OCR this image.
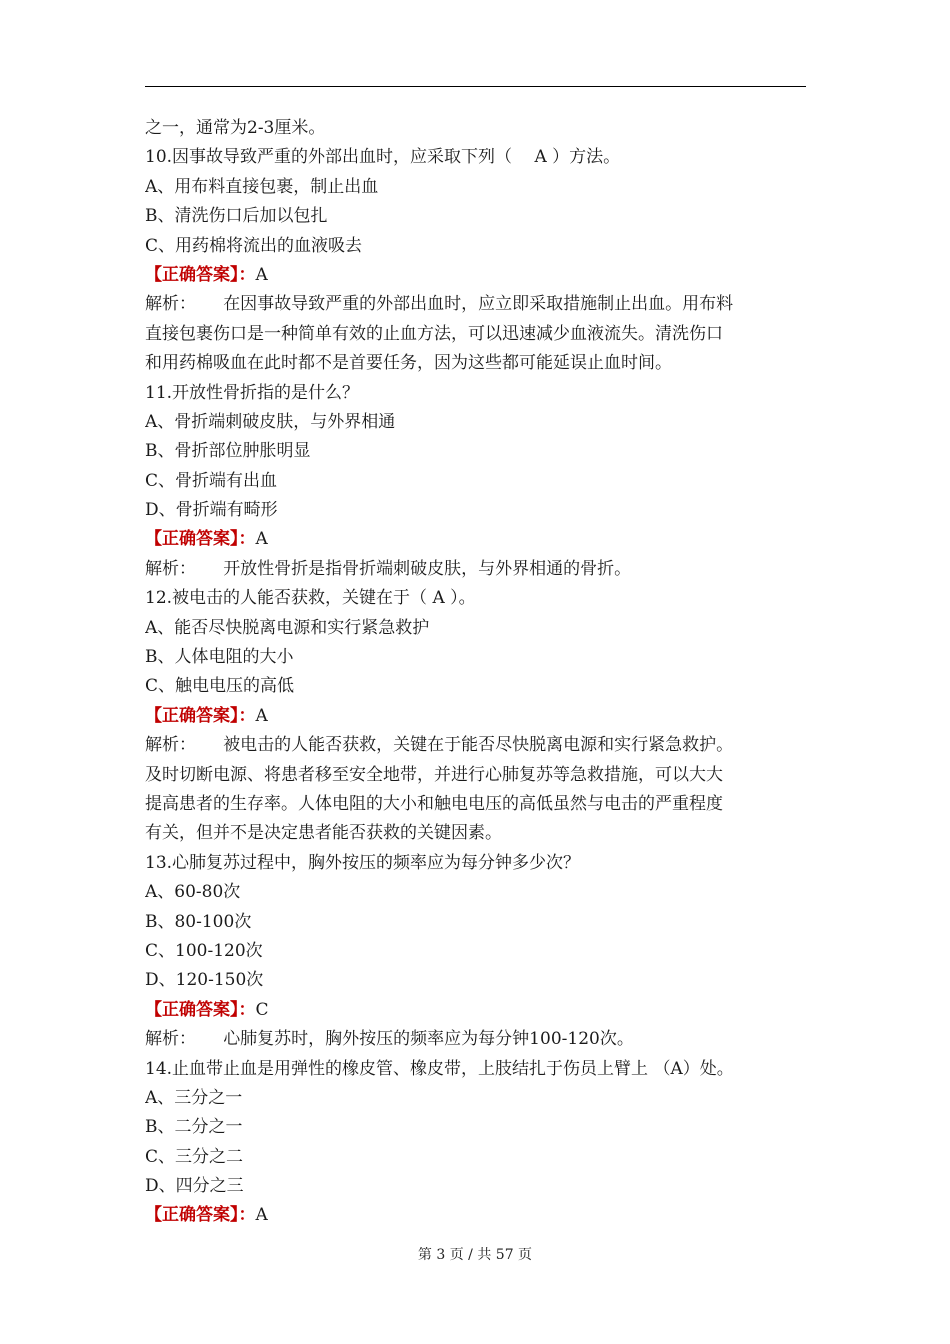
之一，通常为2-3厘米。
10.因事故导致严重的外部出血时，应采取下列（　 A ）方法。
A、用布料直接包裹，制止出血
B、清洗伤口后加以包扎
C、用药棉将流出的血液吸去
【正确答案】：A
解析： 在因事故导致严重的外部出血时，应立即采取措施制止出血。用布料
直接包裹伤口是一种简单有效的止血方法，可以迅速减少血液流失。清洗伤口
和用药棉吸血在此时都不是首要任务，因为这些都可能延误止血时间。
11.开放性骨折指的是什么？
A、骨折端刺破皮肤，与外界相通
B、骨折部位肿胀明显
C、骨折端有出血
D、骨折端有畸形
【正确答案】：A
解析： 开放性骨折是指骨折端刺破皮肤，与外界相通的骨折。
12.被电击的人能否获救，关键在于（ A ）。
A、能否尽快脱离电源和实行紧急救护
B、人体电阻的大小
C、触电电压的高低
【正确答案】：A
解析： 被电击的人能否获救，关键在于能否尽快脱离电源和实行紧急救护。
及时切断电源、将患者移至安全地带，并进行心肺复苏等急救措施，可以大大
提高患者的生存率。人体电阻的大小和触电电压的高低虽然与电击的严重程度
有关，但并不是决定患者能否获救的关键因素。
13.心肺复苏过程中，胸外按压的频率应为每分钟多少次？
A、60-80次
B、80-100次
C、100-120次
D、120-150次
【正确答案】：C
解析： 心肺复苏时，胸外按压的频率应为每分钟100-120次。
14.止血带止血是用弹性的橡皮管、橡皮带，上肢结扎于伤员上臂上 （A）处。
A、三分之一
B、二分之一
C、三分之二
D、四分之三
【正确答案】：A
第 3 页 / 共 57 页
